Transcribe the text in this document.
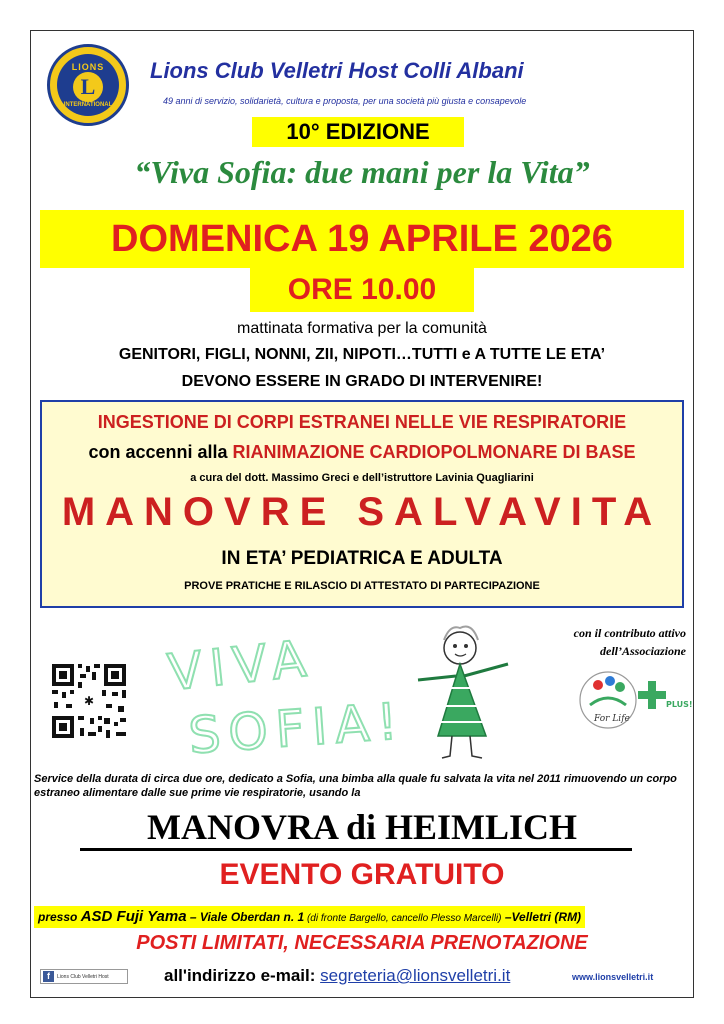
LIONS
L
INTERNATIONAL
Lions Club Velletri Host Colli Albani
49 anni di servizio, solidarietà, cultura e proposta, per una società più giusta e consapevole
10° EDIZIONE
“Viva Sofia: due mani per la Vita”
DOMENICA 19 APRILE 2026
ORE 10.00
mattinata formativa per la comunità
GENITORI, FIGLI, NONNI, ZII, NIPOTI…TUTTI e A TUTTE LE ETA’
DEVONO ESSERE IN GRADO DI INTERVENIRE!
INGESTIONE DI CORPI ESTRANEI NELLE VIE RESPIRATORIE
con accenni alla RIANIMAZIONE CARDIOPOLMONARE DI BASE
a cura del dott. Massimo Greci e dell’istruttore Lavinia Quagliarini
MANOVRE SALVAVITA
IN ETA’ PEDIATRICA E ADULTA
PROVE PRATICHE E RILASCIO DI ATTESTATO DI PARTECIPAZIONE
✱ VIVA
SOFIA!
con il contributo attivo
dell’Associazione
For Life
PLUS!
Service della durata di circa due ore, dedicato a Sofia, una bimba alla quale fu salvata la vita nel 2011 rimuovendo un corpo estraneo alimentare dalle sue prime vie respiratorie, usando la
MANOVRA di HEIMLICH
EVENTO GRATUITO
presso ASD Fuji Yama – Viale Oberdan n. 1 (di fronte Bargello, cancello Plesso Marcelli) –Velletri (RM)
POSTI LIMITATI, NECESSARIA PRENOTAZIONE
f	Lions Club Velletri Host	all'indirizzo e-mail: segreteria@lionsvelletri.it	www.lionsvelletri.it
